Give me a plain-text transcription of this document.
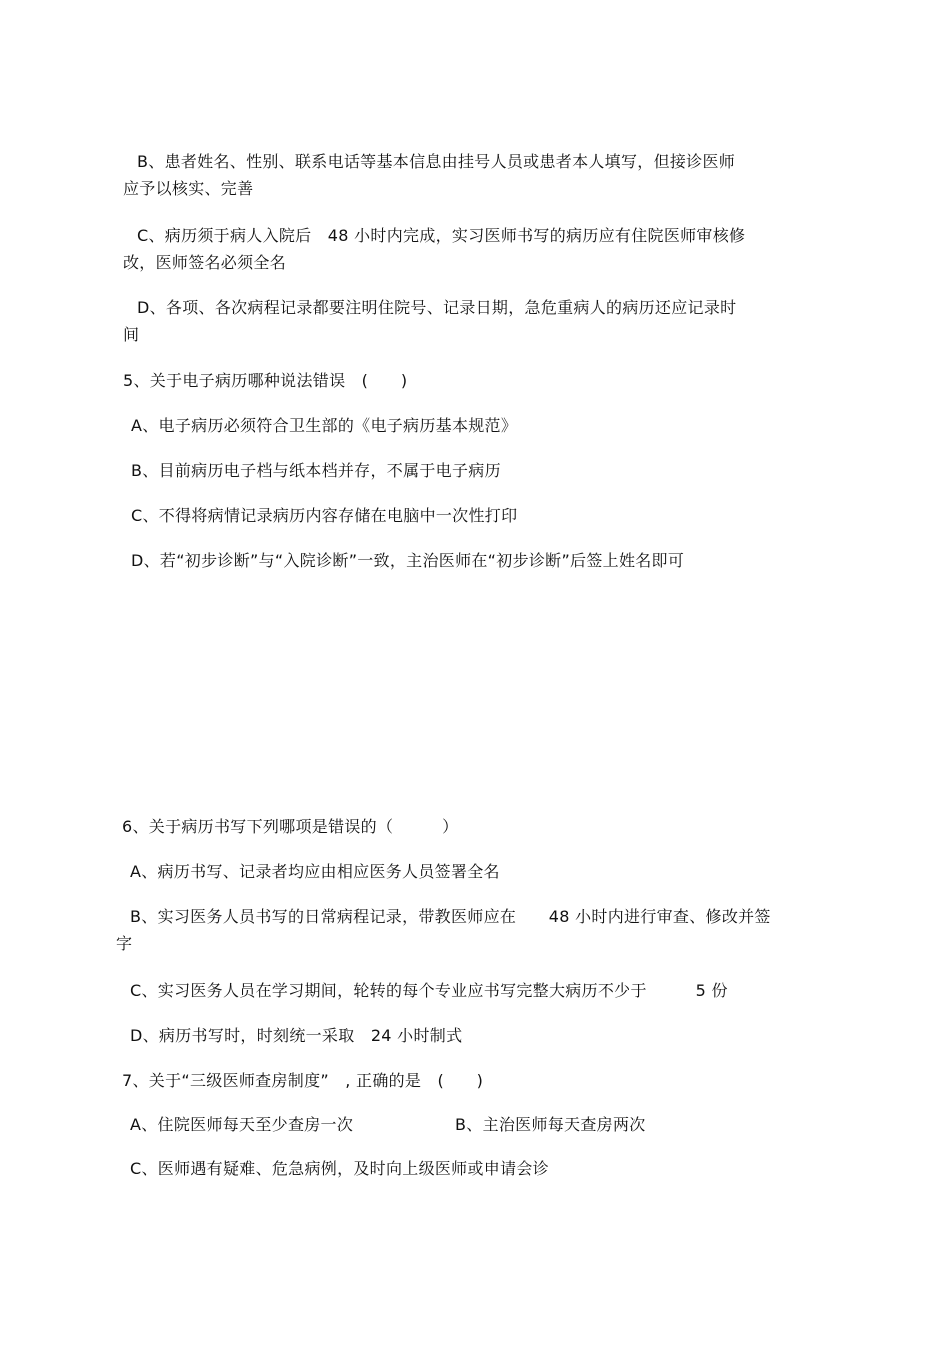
B、患者姓名、性别、联系电话等基本信息由挂号人员或患者本人填写，但接诊医师
应予以核实、完善
C、病历须于病人入院后　48 小时内完成，实习医师书写的病历应有住院医师审核修
改，医师签名必须全名
D、各项、各次病程记录都要注明住院号、记录日期，急危重病人的病历还应记录时
间
5、关于电子病历哪种说法错误　(　　)
A、电子病历必须符合卫生部的《电子病历基本规范》
B、目前病历电子档与纸本档并存，不属于电子病历
C、不得将病情记录病历内容存储在电脑中一次性打印
D、若“初步诊断”与“入院诊断”一致，主治医师在“初步诊断”后签上姓名即可
6、关于病历书写下列哪项是错误的（　　　）
A、病历书写、记录者均应由相应医务人员签署全名
B、实习医务人员书写的日常病程记录，带教医师应在　　48 小时内进行审查、修改并签
字
C、实习医务人员在学习期间，轮转的每个专业应书写完整大病历不少于　　　5 份
D、病历书写时，时刻统一采取　24 小时制式
7、关于“三级医师查房制度”　, 正确的是　(　　)
A、住院医师每天至少查房一次	B、主治医师每天查房两次
C、医师遇有疑难、危急病例，及时向上级医师或申请会诊
